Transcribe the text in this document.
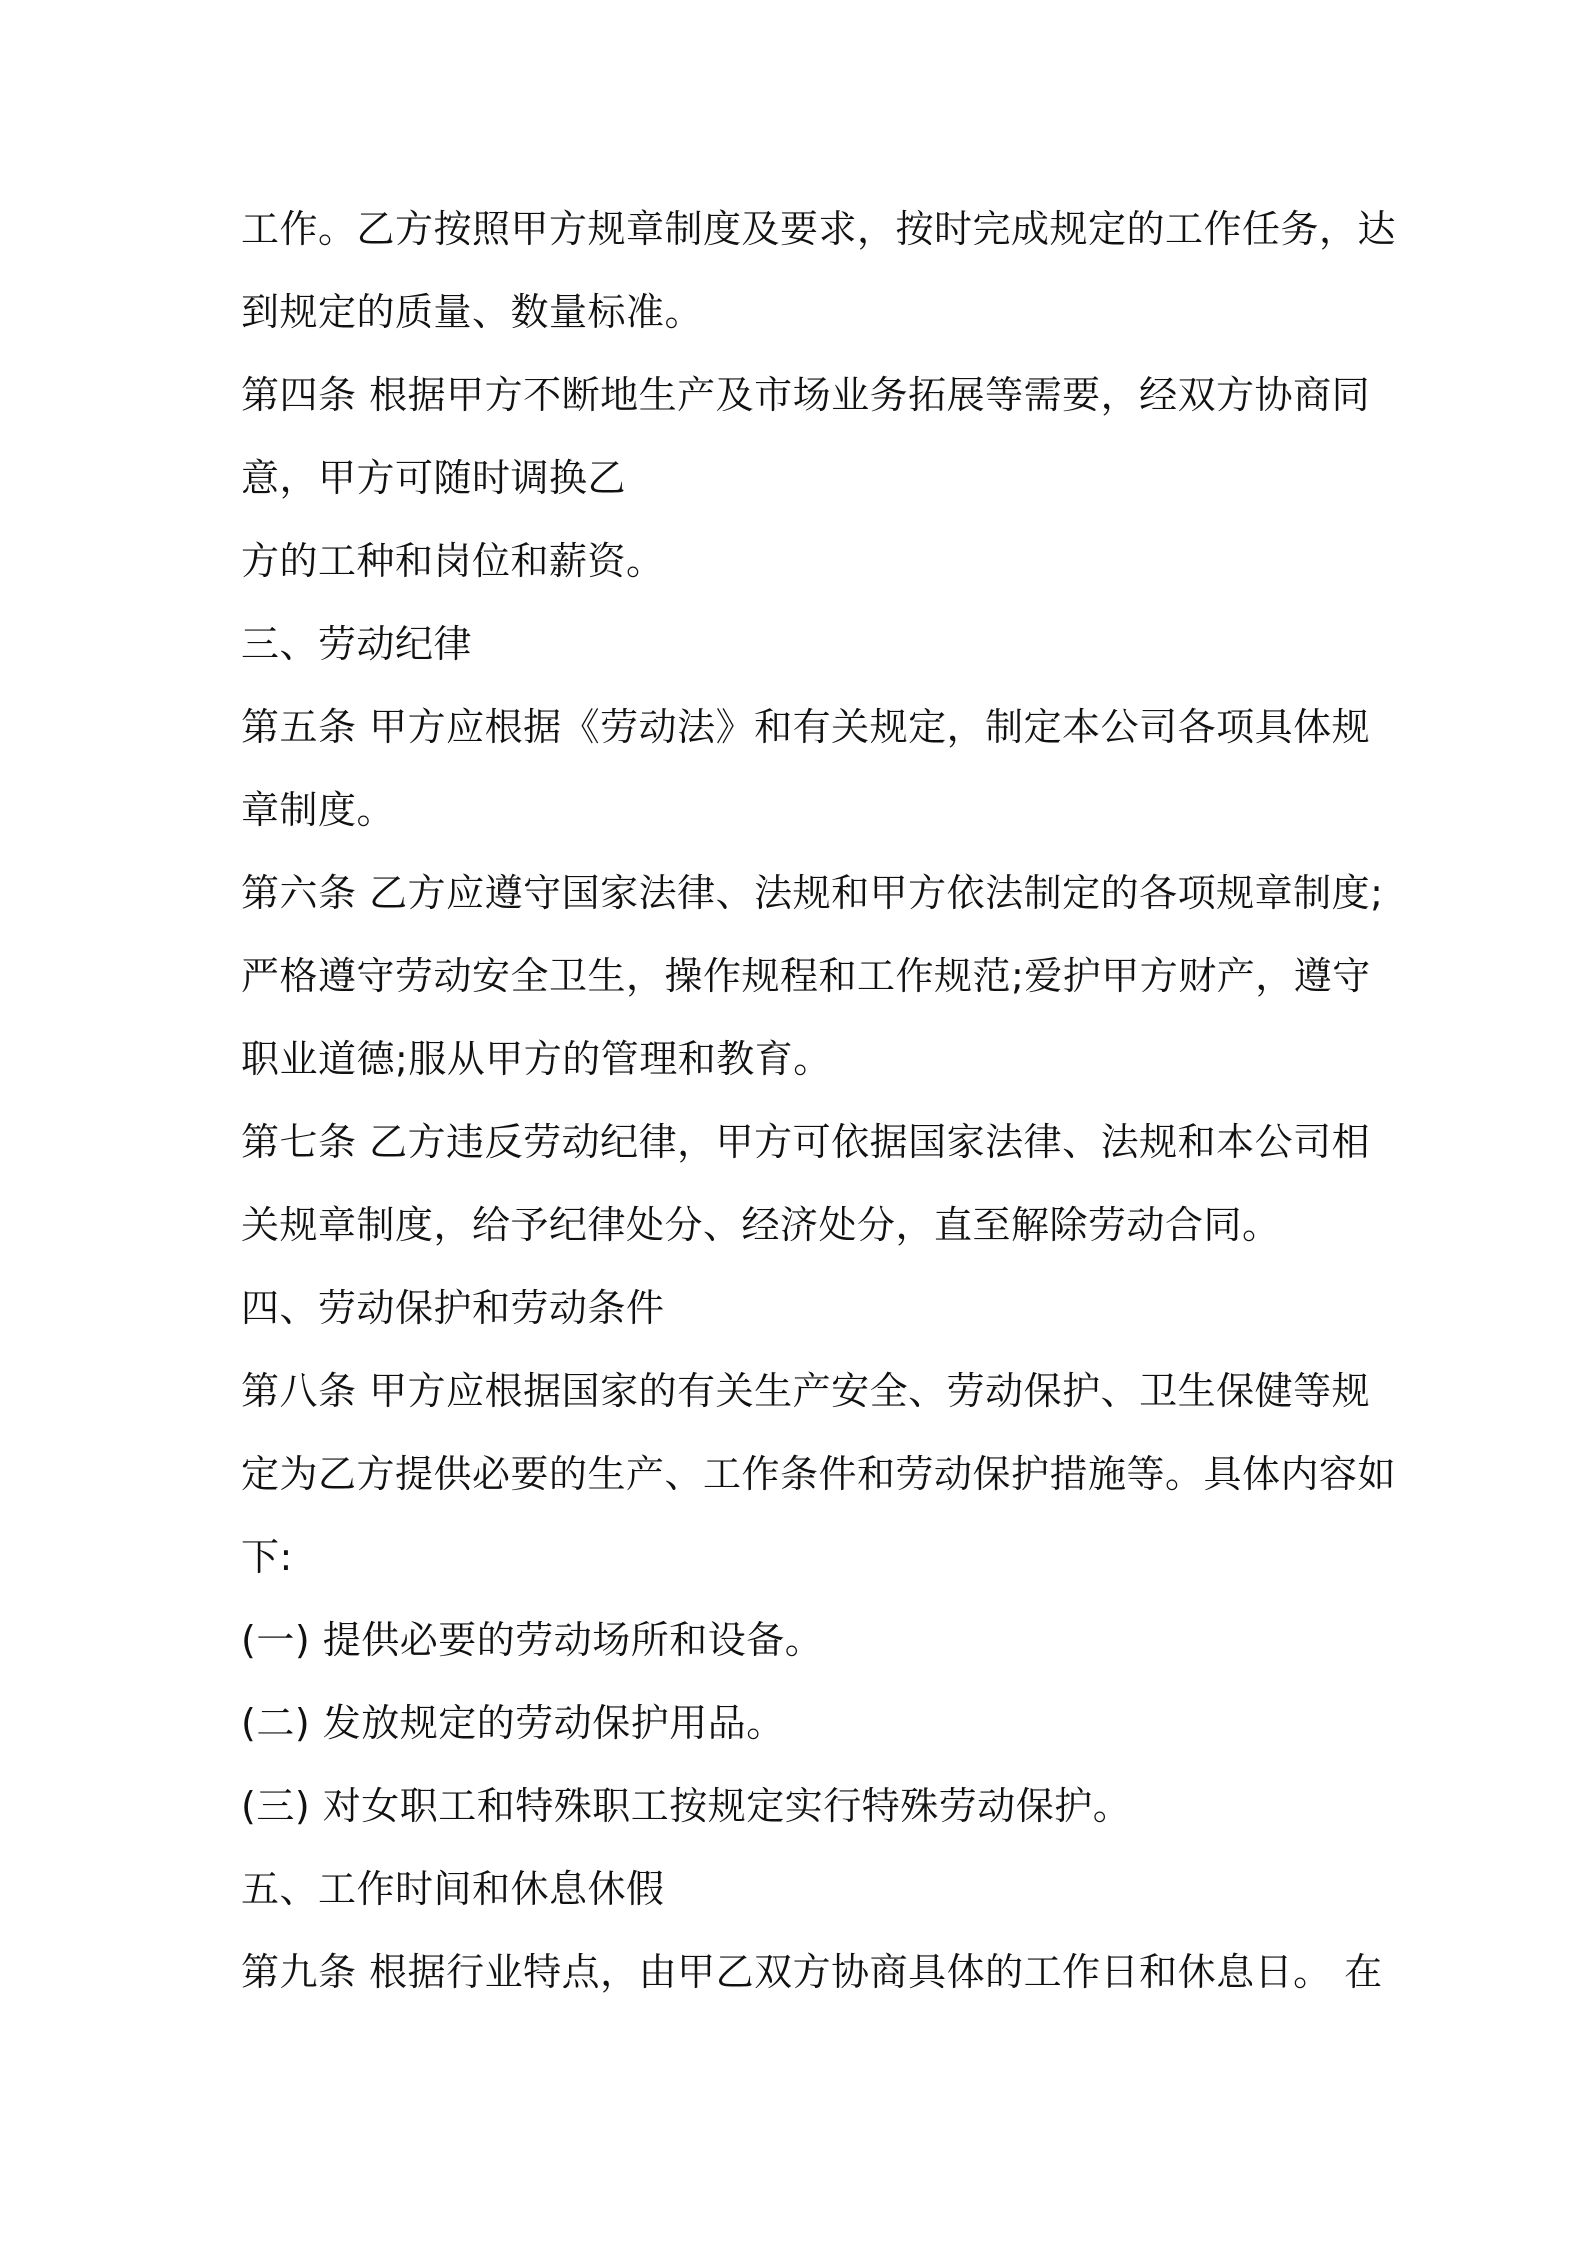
工作。乙方按照甲方规章制度及要求，按时完成规定的工作任务，达
到规定的质量、数量标准。
第四条 根据甲方不断地生产及市场业务拓展等需要，经双方协商同
意，甲方可随时调换乙
方的工种和岗位和薪资。
三、劳动纪律
第五条 甲方应根据《劳动法》和有关规定，制定本公司各项具体规
章制度。
第六条 乙方应遵守国家法律、法规和甲方依法制定的各项规章制度;
严格遵守劳动安全卫生，操作规程和工作规范;爱护甲方财产，遵守
职业道德;服从甲方的管理和教育。
第七条 乙方违反劳动纪律，甲方可依据国家法律、法规和本公司相
关规章制度，给予纪律处分、经济处分，直至解除劳动合同。
四、劳动保护和劳动条件
第八条 甲方应根据国家的有关生产安全、劳动保护、卫生保健等规
定为乙方提供必要的生产、工作条件和劳动保护措施等。具体内容如
下:
(一) 提供必要的劳动场所和设备。
(二) 发放规定的劳动保护用品。
(三) 对女职工和特殊职工按规定实行特殊劳动保护。
五、工作时间和休息休假
第九条 根据行业特点，由甲乙双方协商具体的工作日和休息日。 在
